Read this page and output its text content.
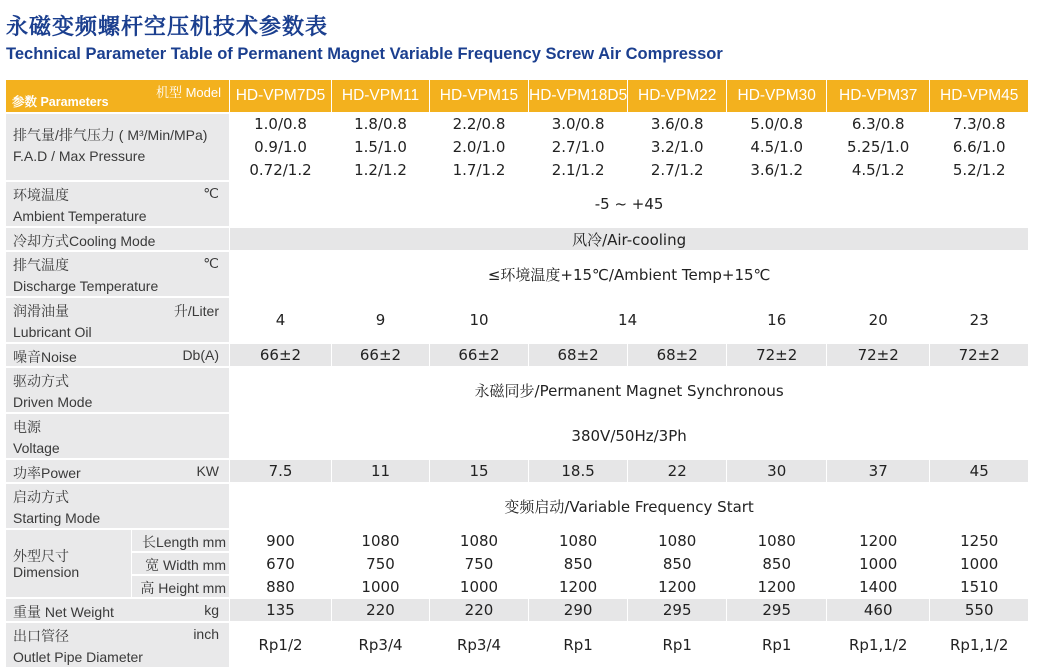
永磁变频螺杆空压机技术参数表
Technical Parameter Table of Permanent Magnet Variable Frequency Screw Air Compressor
机型 Model
参数 Parameters		HD-VPM7D5	HD-VPM11	HD-VPM15	HD-VPM18D5	HD-VPM22	HD-VPM30	HD-VPM37	HD-VPM45

排气量/排气压力 ( M³/Min/MPa)
F.A.D / Max Pressure		1.0/0.8	1.8/0.8	2.2/0.8	3.0/0.8	3.6/0.8	5.0/0.8	6.3/0.8	7.3/0.8
		0.9/1.0	1.5/1.0	2.0/1.0	2.7/1.0	3.2/1.0	4.5/1.0	5.25/1.0	6.6/1.0
		0.72/1.2	1.2/1.2	1.7/1.2	2.1/1.2	2.7/1.2	3.6/1.2	4.5/1.2	5.2/1.2

环境温度
Ambient Temperature
℃		-5 ~ +45							

冷却方式Cooling Mode		风冷/Air-cooling							

排气温度
Discharge Temperature
℃		≤环境温度+15℃/Ambient Temp+15℃							

润滑油量
Lubricant Oil
升/Liter		4	9	10	14		16	20	23

噪音Noise Db(A)		66±2	66±2	66±2	68±2	68±2	72±2	72±2	72±2

驱动方式
Driven Mode		永磁同步/Permanent Magnet Synchronous							

电源
Voltage		380V/50Hz/3Ph							

功率Power KW		7.5	11	15	18.5	22	30	37	45

启动方式
Starting Mode		变频启动/Variable Frequency Start							

外型尺寸
Dimension	长Length mm	900	1080	1080	1080	1080	1080	1200	1250

	宽 Width mm	670	750	750	850	850	850	1000	1000

	高 Height mm	880	1000	1000	1200	1200	1200	1400	1510

重量 Net Weight kg		135	220	220	290	295	295	460	550

出口管径
Outlet Pipe Diameter
inch		Rp1/2	Rp3/4	Rp3/4	Rp1	Rp1	Rp1	Rp1,1/2	Rp1,1/2
